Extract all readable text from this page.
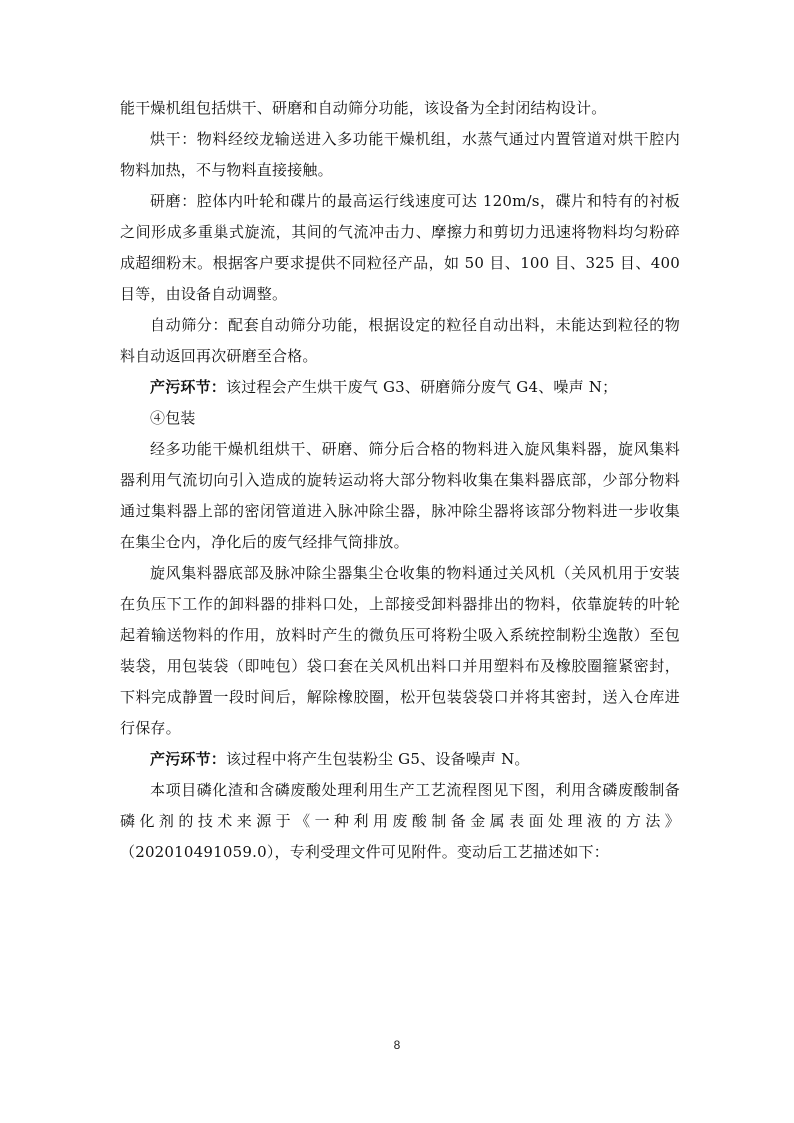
能干燥机组包括烘干、研磨和自动筛分功能，该设备为全封闭结构设计。

烘干：物料经绞龙输送进入多功能干燥机组，水蒸气通过内置管道对烘干腔内物料加热，不与物料直接接触。

研磨：腔体内叶轮和碟片的最高运行线速度可达 120m/s，碟片和特有的衬板之间形成多重巢式旋流，其间的气流冲击力、摩擦力和剪切力迅速将物料均匀粉碎成超细粉末。根据客户要求提供不同粒径产品，如 50 目、100 目、325 目、400 目等，由设备自动调整。

自动筛分：配套自动筛分功能，根据设定的粒径自动出料，未能达到粒径的物料自动返回再次研磨至合格。

产污环节：该过程会产生烘干废气 G3、研磨筛分废气 G4、噪声 N；

④包装

经多功能干燥机组烘干、研磨、筛分后合格的物料进入旋风集料器，旋风集料器利用气流切向引入造成的旋转运动将大部分物料收集在集料器底部，少部分物料通过集料器上部的密闭管道进入脉冲除尘器，脉冲除尘器将该部分物料进一步收集在集尘仓内，净化后的废气经排气筒排放。

旋风集料器底部及脉冲除尘器集尘仓收集的物料通过关风机（关风机用于安装在负压下工作的卸料器的排料口处，上部接受卸料器排出的物料，依靠旋转的叶轮起着输送物料的作用，放料时产生的微负压可将粉尘吸入系统控制粉尘逸散）至包装袋，用包装袋（即吨包）袋口套在关风机出料口并用塑料布及橡胶圈箍紧密封，下料完成静置一段时间后，解除橡胶圈，松开包装袋袋口并将其密封，送入仓库进行保存。

产污环节：该过程中将产生包装粉尘 G5、设备噪声 N。

本项目磷化渣和含磷废酸处理利用生产工艺流程图见下图，利用含磷废酸制备磷化剂的技术来源于《一种利用废酸制备金属表面处理液的方法》（202010491059.0），专利受理文件可见附件。变动后工艺描述如下：

8
